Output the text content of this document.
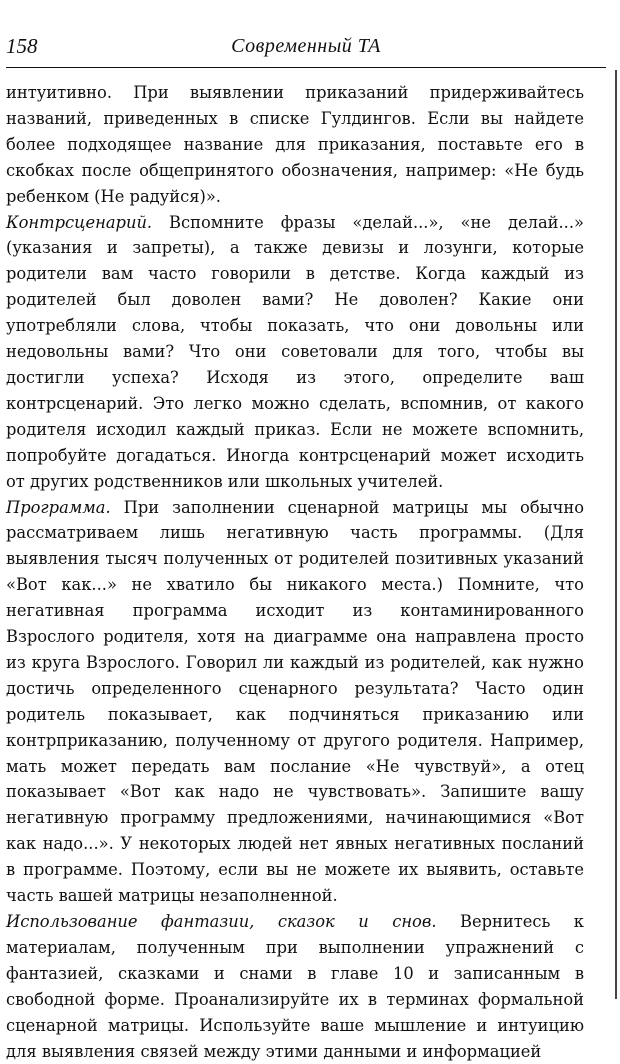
158	Современный ТА

интуитивно. При выявлении приказаний придерживайтесь названий, приведенных в списке Гулдингов. Если вы найдете более подходящее название для приказания, поставьте его в скобках после общепринятого обозначения, например: «Не будь ребенком (Не радуйся)».

Контрсценарий. Вспомните фразы «делай...», «не делай...» (указания и запреты), а также девизы и лозунги, которые родители вам часто говорили в детстве. Когда каждый из родителей был доволен вами? Не доволен? Какие они употребляли слова, чтобы показать, что они довольны или недовольны вами? Что они советовали для того, чтобы вы достигли успеха? Исходя из этого, определите ваш контрсценарий. Это легко можно сделать, вспомнив, от какого родителя исходил каждый приказ. Если не можете вспомнить, попробуйте догадаться. Иногда контрсценарий может исходить от других родственников или школьных учителей.

Программа. При заполнении сценарной матрицы мы обычно рассматриваем лишь негативную часть программы. (Для выявления тысяч полученных от родителей позитивных указаний «Вот как...» не хватило бы никакого места.) Помните, что негативная программа исходит из контаминированного Взрослого родителя, хотя на диаграмме она направлена просто из круга Взрослого. Говорил ли каждый из родителей, как нужно достичь определенного сценарного результата? Часто один родитель показывает, как подчиняться приказанию или контрприказанию, полученному от другого родителя. Например, мать может передать вам послание «Не чувствуй», а отец показывает «Вот как надо не чувствовать». Запишите вашу негативную программу предложениями, начинающимися «Вот как надо...». У некоторых людей нет явных негативных посланий в программе. Поэтому, если вы не можете их выявить, оставьте часть вашей матрицы незаполненной.

Использование фантазии, сказок и снов. Вернитесь к материалам, полученным при выполнении упражнений с фантазией, сказками и снами в главе 10 и записанным в свободной форме. Проанализируйте их в терминах формальной сценарной матрицы. Используйте ваше мышление и интуицию для выявления связей между этими данными и информацией
